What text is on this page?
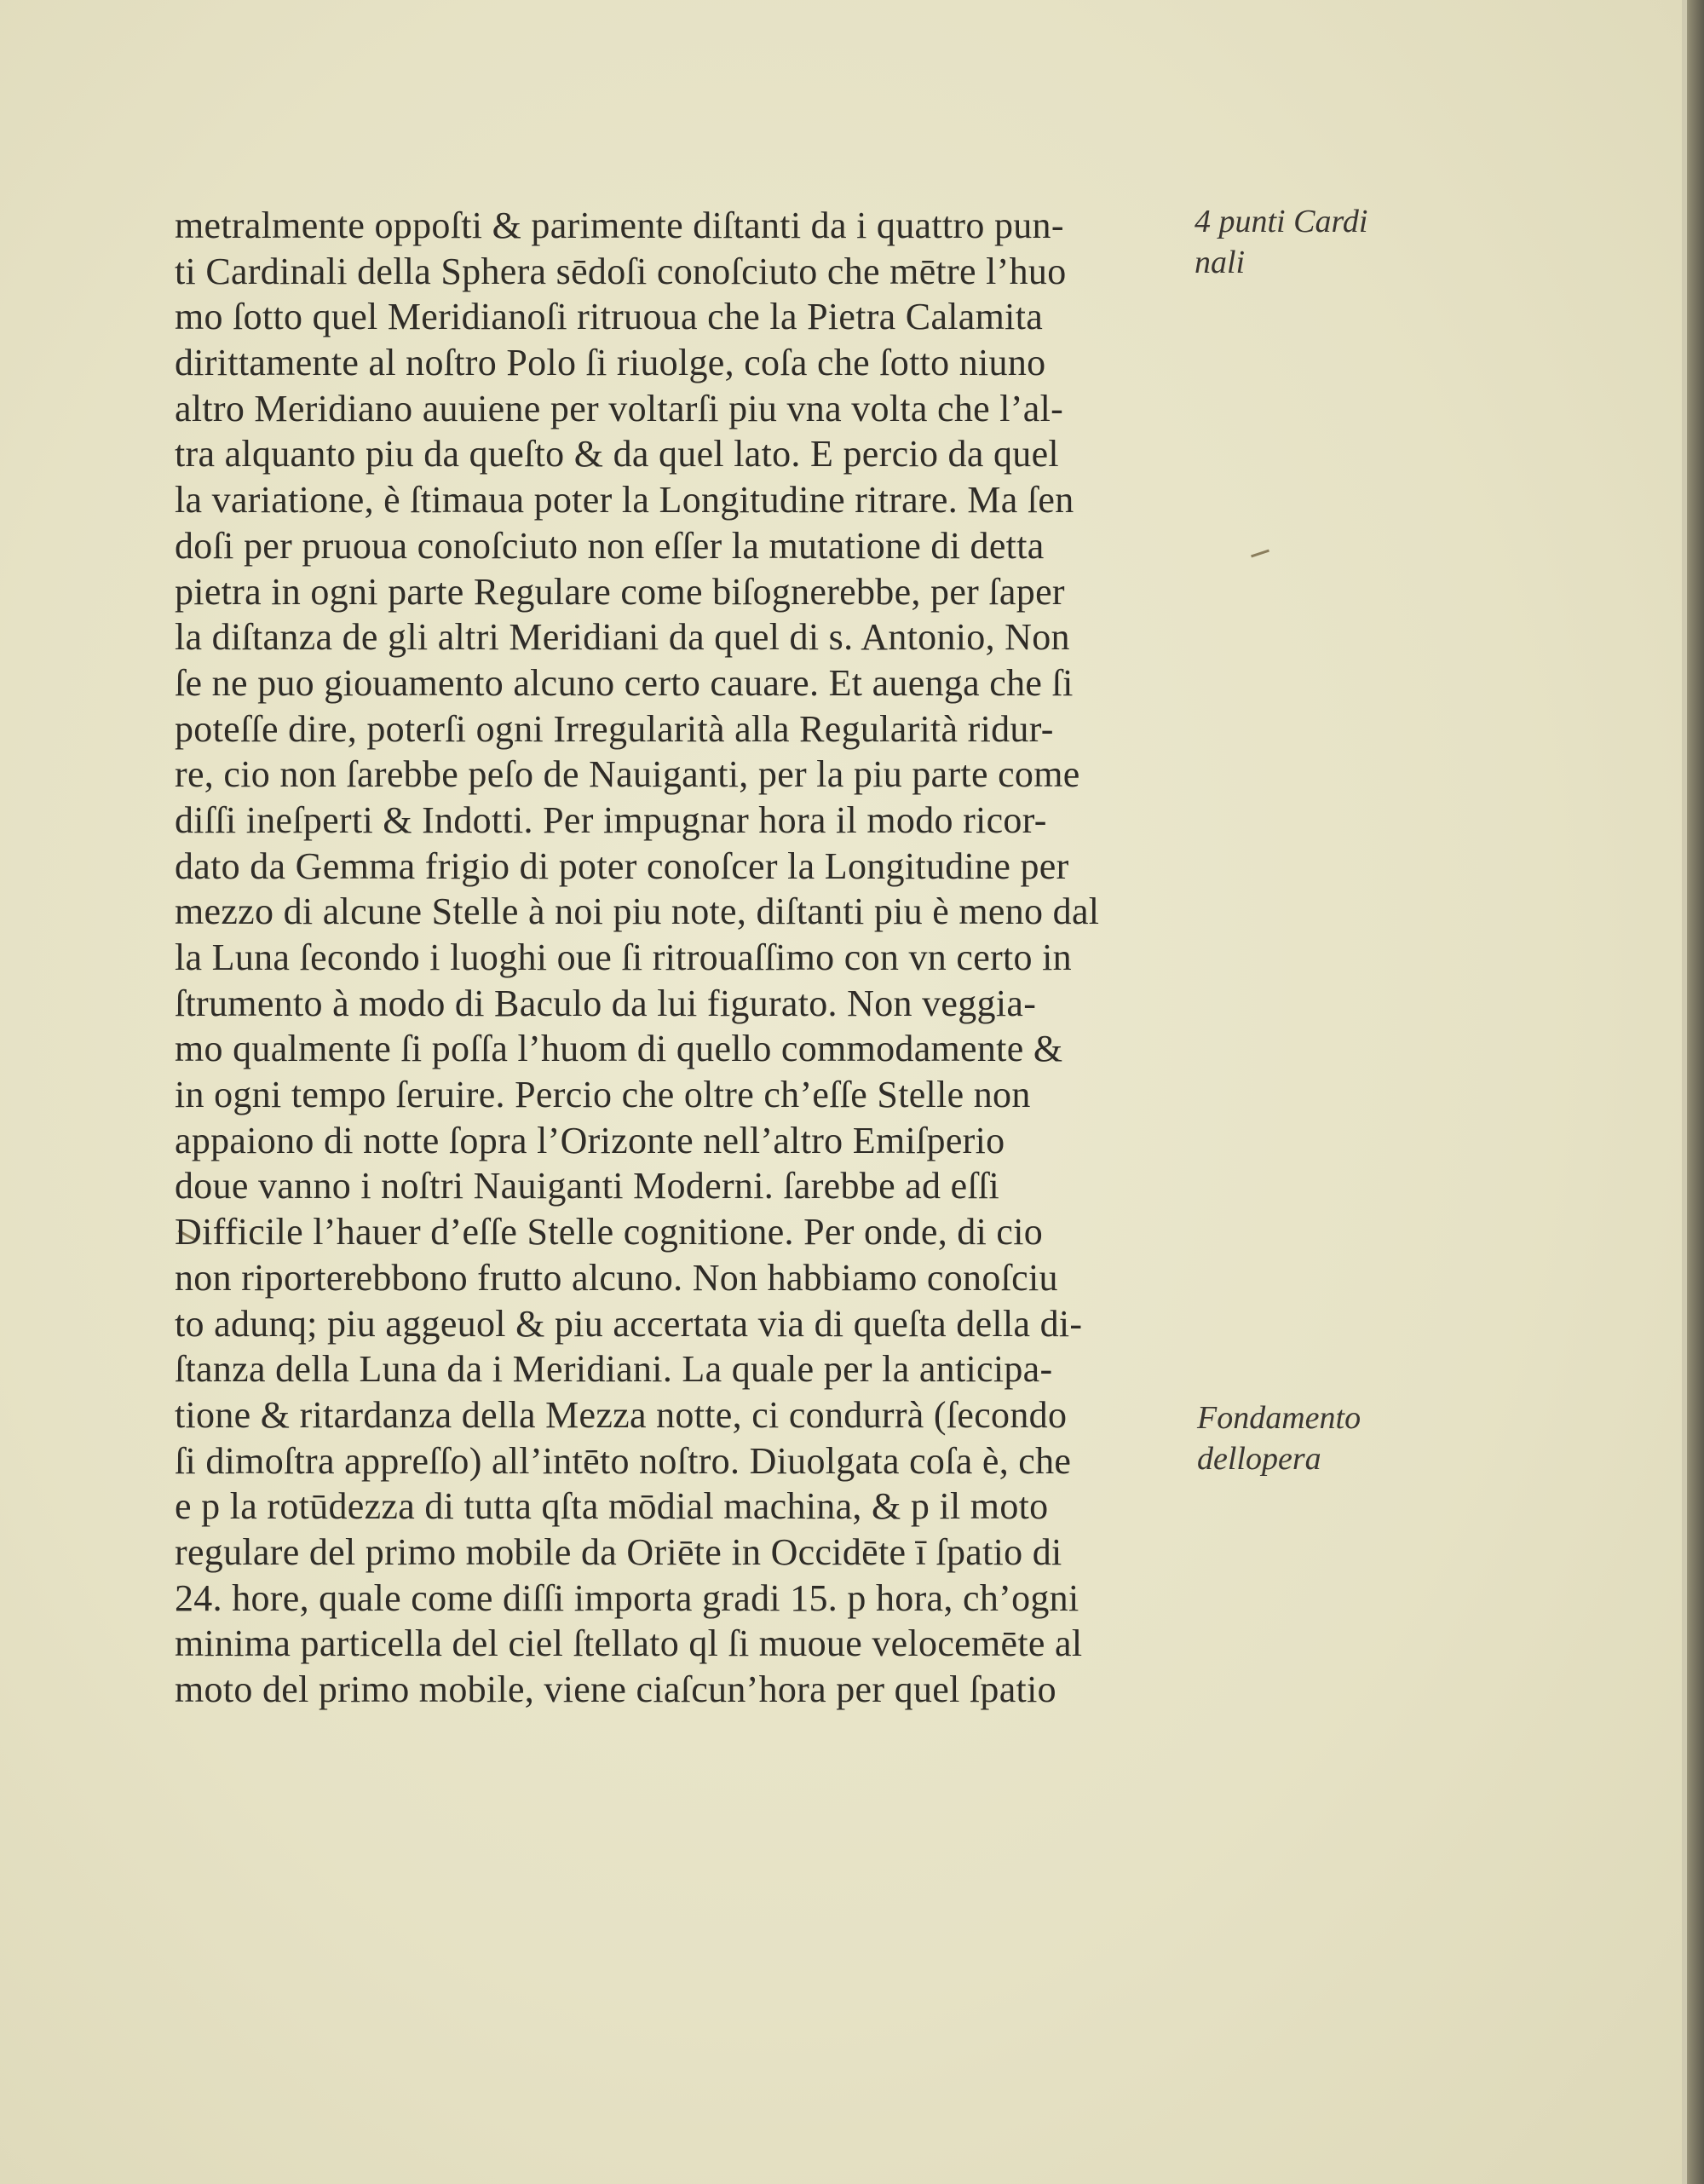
metralmente oppoſti & parimente diſtanti da i quattro pun-
ti Cardinali della Sphera sēdoſi conoſciuto che mētre l’huo
mo ſotto quel Meridianoſi ritruoua che la Pietra Calamita
dirittamente al noſtro Polo ſi riuolge, coſa che ſotto niuno
altro Meridiano auuiene per voltarſi piu vna volta che l’al-
tra alquanto piu da queſto & da quel lato. E percio da quel
la variatione, è ſtimaua poter la Longitudine ritrare. Ma ſen
doſi per pruoua conoſciuto non eſſer la mutatione di detta
pietra in ogni parte Regulare come biſognerebbe, per ſaper
la diſtanza de gli altri Meridiani da quel di s. Antonio, Non
ſe ne puo giouamento alcuno certo cauare. Et auenga che ſi
poteſſe dire, poterſi ogni Irregularità alla Regularità ridur-
re, cio non ſarebbe peſo de Nauiganti, per la piu parte come
diſſi ineſperti & Indotti. Per impugnar hora il modo ricor-
dato da Gemma frigio di poter conoſcer la Longitudine per
mezzo di alcune Stelle à noi piu note, diſtanti piu è meno dal
la Luna ſecondo i luoghi oue ſi ritrouaſſimo con vn certo in
ſtrumento à modo di Baculo da lui figurato. Non veggia-
mo qualmente ſi poſſa l’huom di quello commodamente &
in ogni tempo ſeruire. Percio che oltre ch’eſſe Stelle non
appaiono di notte ſopra l’Orizonte nell’altro Emiſperio
doue vanno i noſtri Nauiganti Moderni. ſarebbe ad eſſi
Difficile l’hauer d’eſſe Stelle cognitione. Per onde, di cio
non riporterebbono frutto alcuno. Non habbiamo conoſciu
to adunq; piu aggeuol & piu accertata via di queſta della di-
ſtanza della Luna da i Meridiani. La quale per la anticipa-
tione & ritardanza della Mezza notte, ci condurrà (ſecondo
ſi dimoſtra appreſſo) all’intēto noſtro. Diuolgata coſa è, che
e p la rotūdezza di tutta qſta mōdial machina, & p il moto
regulare del primo mobile da Oriēte in Occidēte ī ſpatio di
24. hore, quale come diſſi importa gradi 15. p hora, ch’ogni
minima particella del ciel ſtellato ql ſi muoue velocemēte al
moto del primo mobile, viene ciaſcun’hora per quel ſpatio
4 punti Cardi
nali
Fondamento
dellopera
